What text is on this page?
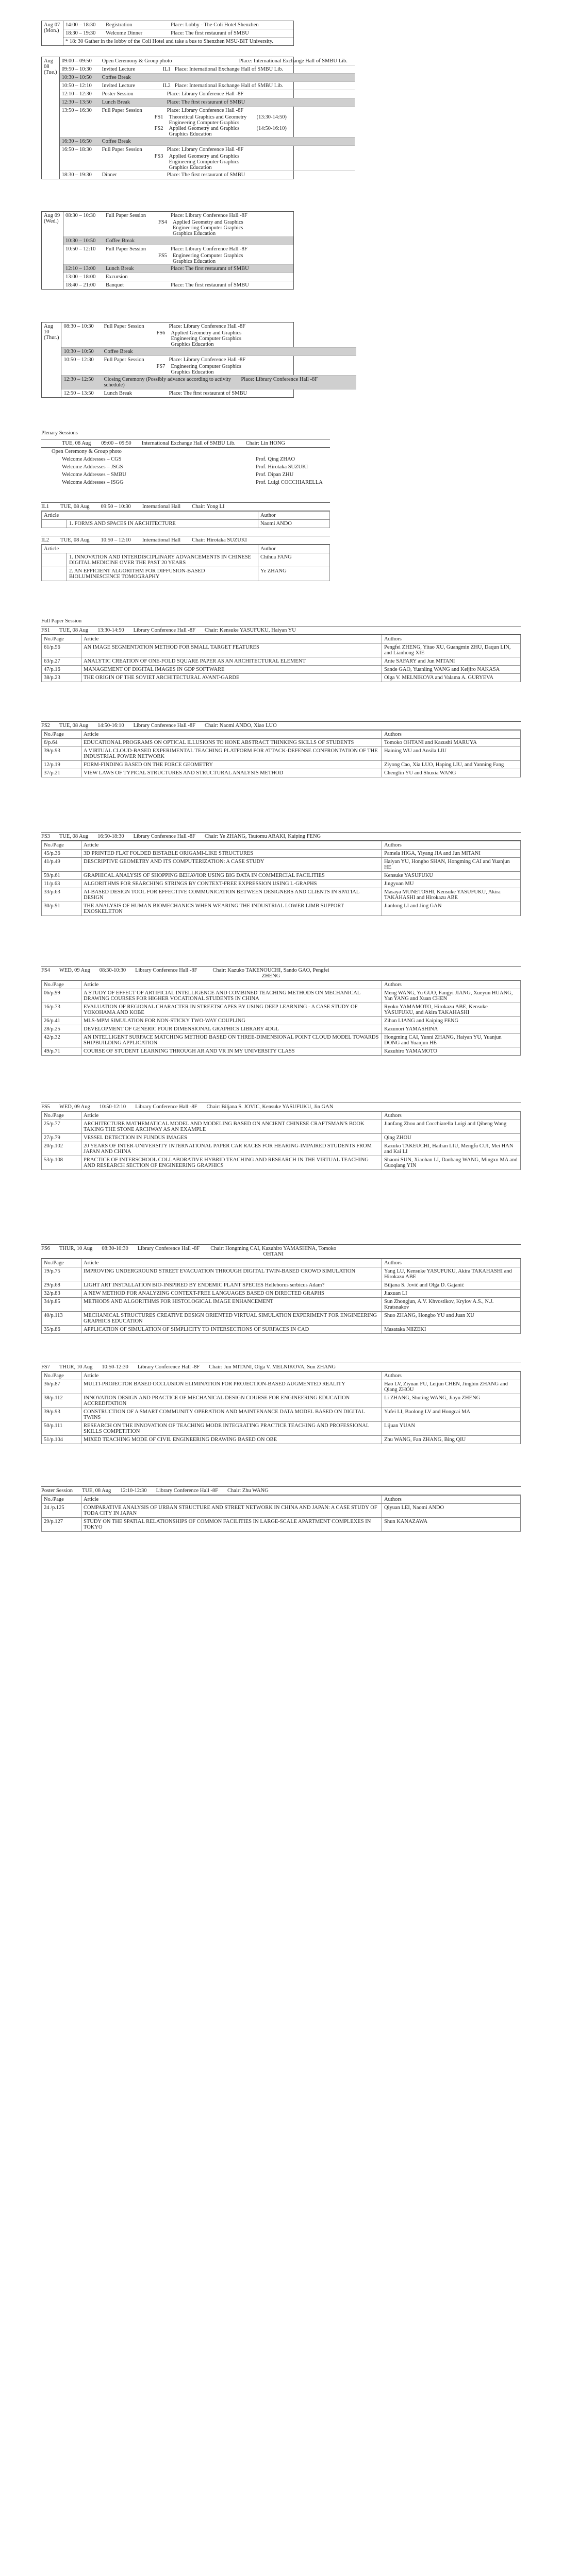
Aug 07
(Mon.)
14:00 – 18:30	Registration	Place: Lobby - The Coli Hotel Shenzhen
18:30 – 19:30	Welcome Dinner	Place: The first restaurant of SMBU
* 18: 30 Gather in the lobby of the Coli Hotel and take a bus to Shenzhen MSU-BIT University.
Aug 08
(Tue.)
09:00 – 09:50	Open Ceremony & Group photo	Place: International Exchange Hall of SMBU Lib.
09:50 – 10:30	Invited Lecture	IL1 Place: International Exchange Hall of SMBU Lib.
10:30 – 10:50	Coffee Break
10:50 – 12:10	Invited Lecture	IL2 Place: International Exchange Hall of SMBU Lib.
12:10 – 12:30	Poster Session	Place: Library Conference Hall -8F
12:30 – 13:50	Lunch Break	Place: The first restaurant of SMBU
13:50 – 16:30	Full Paper Session	Place: Library Conference Hall -8F
FS1	Theoretical Graphics and Geometry	(13:30-14:50)
Engineering Computer Graphics
FS2	Applied Geometry and Graphics	(14:50-16:10)
Graphics Education
16:30 – 16:50	Coffee Break
16:50 – 18:30	Full Paper Session	Place: Library Conference Hall -8F
FS3	Applied Geometry and Graphics
Engineering Computer Graphics
Graphics Education
18:30 – 19:30	Dinner	Place: The first restaurant of SMBU
Aug 09
(Wed.)
08:30 – 10:30	Full Paper Session	Place: Library Conference Hall -8F
FS4	Applied Geometry and Graphics
Engineering Computer Graphics
Graphics Education
10:30 – 10:50	Coffee Break
10:50 – 12:10	Full Paper Session	Place: Library Conference Hall -8F
FS5	Engineering Computer Graphics
Graphics Education
12:10 – 13:00	Lunch Break	Place: The first restaurant of SMBU
13:00 – 18:00	Excursion
18:40 – 21:00	Banquet	Place: The first restaurant of SMBU
Aug 10
(Thur.)
08:30 – 10:30	Full Paper Session	Place: Library Conference Hall -8F
FS6	Applied Geometry and Graphics
Engineering Computer Graphics
Graphics Education
10:30 – 10:50	Coffee Break
10:50 – 12:30	Full Paper Session	Place: Library Conference Hall -8F
FS7	Engineering Computer Graphics
Graphics Education
12:30 – 12:50	Closing Ceremony (Possibly advance according to activity schedule)
Place: Library Conference Hall -8F
12:50 – 13:50	Lunch Break	Place: The first restaurant of SMBU
Plenary Sessions
TUE, 08 Aug 09:00 – 09:50 International Exchange Hall of SMBU Lib. Chair: Lin HONG
Open Ceremony & Group photo	
Welcome Addresses – CGS	Prof. Qing ZHAO
Welcome Addresses – JSGS	Prof. Hirotaka SUZUKI
Welcome Addresses – SMBU	Prof. Dipan ZHU
Welcome Addresses – ISGG	Prof. Luigi COCCHIARELLA
IL1 TUE, 08 Aug 09:50 – 10:30 International Hall Chair: Yong LI
Article		Author
	1. FORMS AND SPACES IN ARCHITECTURE	Naomi ANDO
IL2 TUE, 08 Aug 10:50 – 12:10 International Hall Chair: Hirotaka SUZUKI
Article		Author
	1. INNOVATION AND INTERDISCIPLINARY ADVANCEMENTS IN CHINESE DIGITAL MEDICINE OVER THE PAST 20 YEARS	Chihua FANG
	2. AN EFFICIENT ALGORITHM FOR DIFFUSION-BASED BIOLUMINESCENCE TOMOGRAPHY	Ye ZHANG
Full Paper Session
FS1 TUE, 08 Aug 13:30-14:50 Library Conference Hall -8F Chair: Kensuke YASUFUKU, Haiyan YU
No./Page	Article	Authors
61/p.56	AN IMAGE SEGMENTATION METHOD FOR SMALL TARGET FEATURES	Pengfei ZHENG, Yitao XU, Guangmin ZHU, Daqun LIN, and Lianhong XIE
63/p.27	ANALYTIC CREATION OF ONE-FOLD SQUARE PAPER AS AN ARCHITECTURAL ELEMENT	Ante SAFARY and Jun MITANI
47/p.16	MANAGEMENT OF DIGITAL IMAGES IN GDP SOFTWARE	Sande GAO, Yuanling WANG and Keijiro NAKASA
38/p.23	THE ORIGIN OF THE SOVIET ARCHITECTURAL AVANT-GARDE	Olga V. MELNIKOVA and Valama A. GURYEVA
FS2 TUE, 08 Aug 14:50-16:10 Library Conference Hall -8F Chair: Naomi ANDO, Xiao LUO
No./Page	Article	Authors
6/p.64	EDUCATIONAL PROGRAMS ON OPTICAL ILLUSIONS TO HONE ABSTRACT THINKING SKILLS OF STUDENTS	Tomoko OHTANI and Kazushi MARUYA
39/p.93	A VIRTUAL CLOUD-BASED EXPERIMENTAL TEACHING PLATFORM FOR ATTACK-DEFENSE CONFRONTATION OF THE INDUSTRIAL POWER NETWORK	Haining WU and Ansila LIU
12/p.19	FORM-FINDING BASED ON THE FORCE GEOMETRY	Ziyong Cao, Xia LUO, Haping LIU, and Yanning Fang
37/p.21	VIEW LAWS OF TYPICAL STRUCTURES AND STRUCTURAL ANALYSIS METHOD	Chenglin YU and Shuxia WANG
FS3 TUE, 08 Aug 16:50-18:30 Library Conference Hall -8F Chair: Ye ZHANG, Tsutomu ARAKI, Kaiping FENG
No./Page	Article	Authors
45/p.36	3D PRINTED FLAT FOLDED BISTABLE ORIGAMI-LIKE STRUCTURES	Pamela HIGA, Yiyang JIA and Jun MITANI
41/p.49	DESCRIPTIVE GEOMETRY AND ITS COMPUTERIZATION: A CASE STUDY	Haiyan YU, Hongbo SHAN, Hongming CAI and Yuanjun HE
59/p.61	GRAPHICAL ANALYSIS OF SHOPPING BEHAVIOR USING BIG DATA IN COMMERCIAL FACILITIES	Kensuke YASUFUKU
11/p.63	ALGORITHMS FOR SEARCHING STRINGS BY CONTEXT-FREE EXPRESSION USING L-GRAPHS	Jingyuan MU
33/p.63	AI-BASED DESIGN TOOL FOR EFFECTIVE COMMUNICATION BETWEEN DESIGNERS AND CLIENTS IN SPATIAL DESIGN	Masaya MUNETOSHI, Kensuke YASUFUKU, Akira TAKAHASHI and Hirokazu ABE
30/p.91	THE ANALYSIS OF HUMAN BIOMECHANICS WHEN WEARING THE INDUSTRIAL LOWER LIMB SUPPORT EXOSKELETON	Jianlong LI and Jing GAN
FS4 WED, 09 Aug 08:30-10:30 Library Conference Hall -8F	Chair: Kazuko TAKENOUCHI, Sando GAO, Pengfei ZHENG
No./Page	Article	Authors
06/p.99	A STUDY OF EFFECT OF ARTIFICIAL INTELLIGENCE AND COMBINED TEACHING METHODS ON MECHANICAL DRAWING COURSES FOR HIGHER VOCATIONAL STUDENTS IN CHINA	Meng WANG, Yu GUO, Fangyi JIANG, Xueyun HUANG, Yan YANG and Xuan CHEN
16/p.73	EVALUATION OF REGIONAL CHARACTER IN STREETSCAPES BY USING DEEP LEARNING - A CASE STUDY OF YOKOHAMA AND KOBE	Ryoko YAMAMOTO, Hirokazu ABE, Kensuke YASUFUKU, and Akira TAKAHASHI
26/p.41	MLS-MPM SIMULATION FOR NON-STICKY TWO-WAY COUPLING	Zihan LIANG and Kaiping FENG
28/p.25	DEVELOPMENT OF GENERIC FOUR DIMENSIONAL GRAPHICS LIBRARY 4DGL	Kazunori YAMASHINA
42/p.32	AN INTELLIGENT SURFACE MATCHING METHOD BASED ON THREE-DIMENSIONAL POINT CLOUD MODEL TOWARDS SHIPBUILDING APPLICATION	Hongming CAI, Yunni ZHANG, Haiyan YU, Yuanjun DONG and Yuanjun HE
49/p.71	COURSE OF STUDENT LEARNING THROUGH AR AND VR IN MY UNIVERSITY CLASS	Kazuhiro YAMAMOTO
FS5 WED, 09 Aug 10:50-12:10 Library Conference Hall -8F Chair: Biljana S. JOVIC, Kensuke YASUFUKU, Jin GAN
No./Page	Article	Authors
25/p.77	ARCHITECTURE MATHEMATICAL MODEL AND MODELING BASED ON ANCIENT CHINESE CRAFTSMAN'S BOOK TAKING THE STONE ARCHWAY AS AN EXAMPLE	Jianfang Zhou and Cocchiarella Luigi and Qiheng Wang
27/p.79	VESSEL DETECTION IN FUNDUS IMAGES	Qing ZHOU
20/p.102	20 YEARS OF INTER-UNIVERSITY INTERNATIONAL PAPER CAR RACES FOR HEARING-IMPAIRED STUDENTS FROM JAPAN AND CHINA	Kazuko TAKEUCHI, Haihan LIU, Mengfu CUI, Mei HAN and Kai LI
53/p.108	PRACTICE OF INTERSCHOOL COLLABORATIVE HYBRID TEACHING AND RESEARCH IN THE VIRTUAL TEACHING AND RESEARCH SECTION OF ENGINEERING GRAPHICS	Shaoni SUN, Xiaohan LI, Danbang WANG, Mingxu MA and Guoqiang YIN
FS6 THUR, 10 Aug 08:30-10:30 Library Conference Hall -8F Chair: Hongming CAI, Kazuhiro YAMASHINA, Tomoko OHTANI
No./Page	Article	Authors
19/p.75	IMPROVING UNDERGROUND STREET EVACUATION THROUGH DIGITAL TWIN-BASED CROWD SIMULATION	Yang LU, Kensuke YASUFUKU, Akira TAKAHASHI and Hirokazu ABE
29/p.68	LIGHT ART INSTALLATION BIO-INSPIRED BY ENDEMIC PLANT SPECIES Helleborus serbicus Adam?	Biljana S. Jović and Olga D. Gajanić
32/p.83	A NEW METHOD FOR ANALYZING CONTEXT-FREE LANGUAGES BASED ON DIRECTED GRAPHS	Jiaxuan LI
34/p.85	METHODS AND ALGORITHMS FOR HISTOLOGICAL IMAGE ENHANCEMENT	Sun Zhongjun, A.V. Khvostikov, Krylov A.S., N.J. Kratsnakov
40/p.113	MECHANICAL STRUCTURES CREATIVE DESIGN ORIENTED VIRTUAL SIMULATION EXPERIMENT FOR ENGINEERING GRAPHICS EDUCATION	Shuo ZHANG, Hongbo YU and Juan XU
35/p.86	APPLICATION OF SIMULATION OF SIMPLICITY TO INTERSECTIONS OF SURFACES IN CAD	Masataka NIIZEKI
FS7 THUR, 10 Aug 10:50-12:30 Library Conference Hall -8F Chair: Jun MITANI, Olga V. MELNIKOVA, Sun ZHANG
No./Page	Article	Authors
36/p.87	MULTI-PROJECTOR BASED OCCLUSION ELIMINATION FOR PROJECTION-BASED AUGMENTED REALITY	Hao LV, Ziyuan FU, Leijun CHEN, Jingbin ZHANG and Qiang ZHOU
38/p.112	INNOVATION DESIGN AND PRACTICE OF MECHANICAL DESIGN COURSE FOR ENGINEERING EDUCATION ACCREDITATION	Li ZHANG, Shuting WANG, Jiayu ZHENG
39/p.93	CONSTRUCTION OF A SMART COMMUNITY OPERATION AND MAINTENANCE DATA MODEL BASED ON DIGITAL TWINS	Yufei LI, Baolong LV and Hongcai MA
50/p.111	RESEARCH ON THE INNOVATION OF TEACHING MODE INTEGRATING PRACTICE TEACHING AND PROFESSIONAL SKILLS COMPETITION	Lijuan YUAN
51/p.104	MIXED TEACHING MODE OF CIVIL ENGINEERING DRAWING BASED ON OBE	Zhu WANG, Fan ZHANG, Bing QIU
Poster Session TUE, 08 Aug 12:10-12:30 Library Conference Hall -8F Chair: Zhu WANG
No./Page	Article	Authors
24 /p.125	COMPARATIVE ANALYSIS OF URBAN STRUCTURE AND STREET NETWORK IN CHINA AND JAPAN: A CASE STUDY OF TODA CITY IN JAPAN	Qiyuan LEI, Naomi ANDO
29/p.127	STUDY ON THE SPATIAL RELATIONSHIPS OF COMMON FACILITIES IN LARGE-SCALE APARTMENT COMPLEXES IN TOKYO	Shun KANAZAWA
